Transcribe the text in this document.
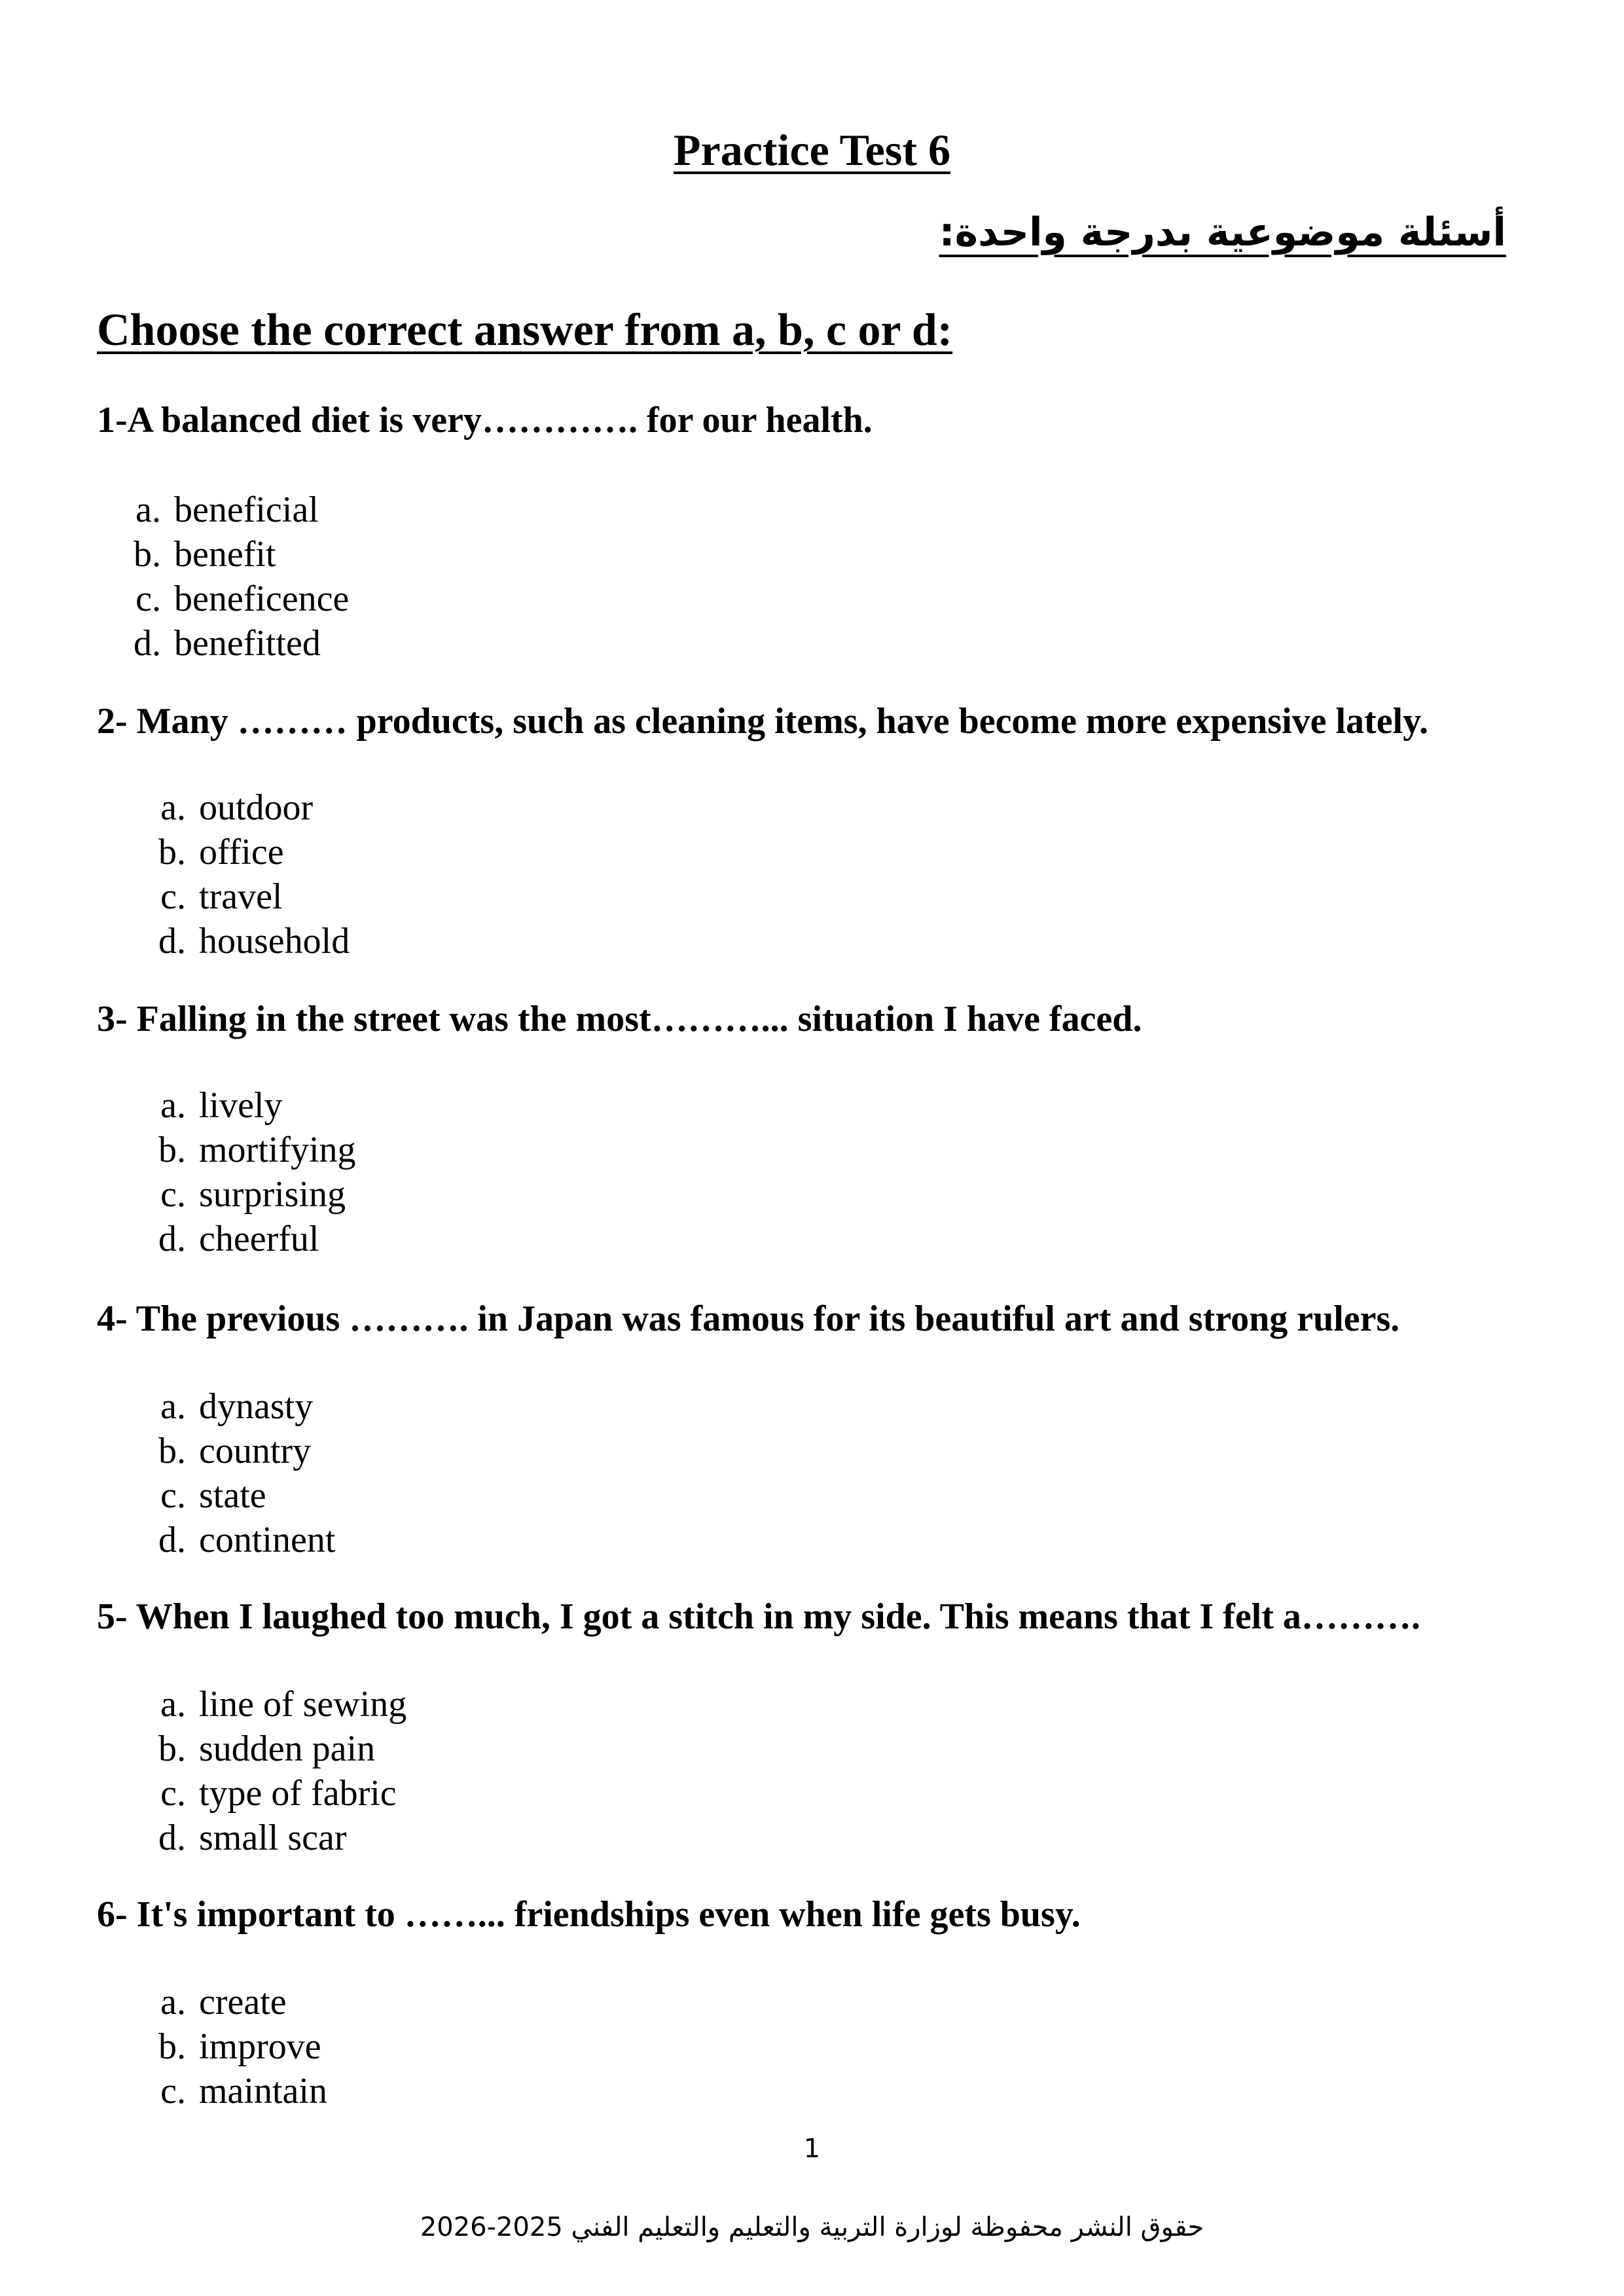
Practice Test 6
أسئلة موضوعية بدرجة واحدة:
Choose the correct answer from a, b, c or d:
1-A balanced diet is very…………. for our health.
a. beneficial
b. benefit
c. beneficence
d. benefitted
2- Many ……… products, such as cleaning items, have become more expensive lately.
a. outdoor
b. office
c. travel
d. household
3- Falling in the street was the most………... situation I have faced.
a. lively
b. mortifying
c. surprising
d. cheerful
4- The previous ………. in Japan was famous for its beautiful art and strong rulers.
a. dynasty
b. country
c. state
d. continent
5- When I laughed too much, I got a stitch in my side. This means that I felt a……….
a. line of sewing
b. sudden pain
c. type of fabric
d. small scar
6- It's important to ……... friendships even when life gets busy.
a. create
b. improve
c. maintain
1
حقوق النشر محفوظة لوزارة التربية والتعليم والتعليم الفني 2025-2026
